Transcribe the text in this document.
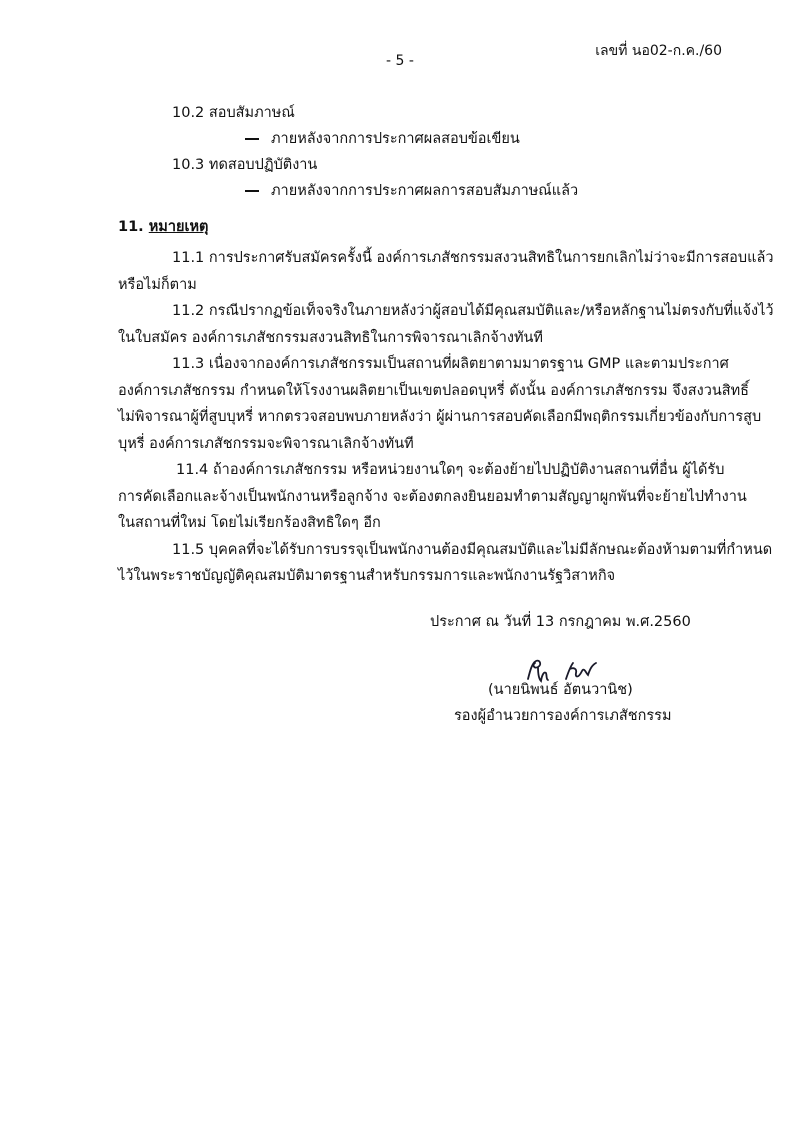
เลขที่ นอ02-ก.ค./60
- 5 -
10.2 สอบสัมภาษณ์
ภายหลังจากการประกาศผลสอบข้อเขียน
10.3 ทดสอบปฏิบัติงาน
ภายหลังจากการประกาศผลการสอบสัมภาษณ์แล้ว
11. หมายเหตุ
11.1 การประกาศรับสมัครครั้งนี้ องค์การเภสัชกรรมสงวนสิทธิในการยกเลิกไม่ว่าจะมีการสอบแล้ว
หรือไม่ก็ตาม
11.2 กรณีปรากฏข้อเท็จจริงในภายหลังว่าผู้สอบได้มีคุณสมบัติและ/หรือหลักฐานไม่ตรงกับที่แจ้งไว้
ในใบสมัคร องค์การเภสัชกรรมสงวนสิทธิในการพิจารณาเลิกจ้างทันที
11.3 เนื่องจากองค์การเภสัชกรรมเป็นสถานที่ผลิตยาตามมาตรฐาน GMP และตามประกาศ
องค์การเภสัชกรรม กำหนดให้โรงงานผลิตยาเป็นเขตปลอดบุหรี่ ดังนั้น องค์การเภสัชกรรม จึงสงวนสิทธิ์
ไม่พิจารณาผู้ที่สูบบุหรี่ หากตรวจสอบพบภายหลังว่า ผู้ผ่านการสอบคัดเลือกมีพฤติกรรมเกี่ยวข้องกับการสูบ
บุหรี่ องค์การเภสัชกรรมจะพิจารณาเลิกจ้างทันที
11.4 ถ้าองค์การเภสัชกรรม หรือหน่วยงานใดๆ จะต้องย้ายไปปฏิบัติงานสถานที่อื่น ผู้ได้รับ
การคัดเลือกและจ้างเป็นพนักงานหรือลูกจ้าง จะต้องตกลงยินยอมทำตามสัญญาผูกพันที่จะย้ายไปทำงาน
ในสถานที่ใหม่ โดยไม่เรียกร้องสิทธิใดๆ อีก
11.5 บุคคลที่จะได้รับการบรรจุเป็นพนักงานต้องมีคุณสมบัติและไม่มีลักษณะต้องห้ามตามที่กำหนด
ไว้ในพระราชบัญญัติคุณสมบัติมาตรฐานสำหรับกรรมการและพนักงานรัฐวิสาหกิจ
ประกาศ ณ วันที่ 13 กรกฎาคม พ.ศ.2560
(นายนิพนธ์ อัตนวานิช)
รองผู้อำนวยการองค์การเภสัชกรรม
